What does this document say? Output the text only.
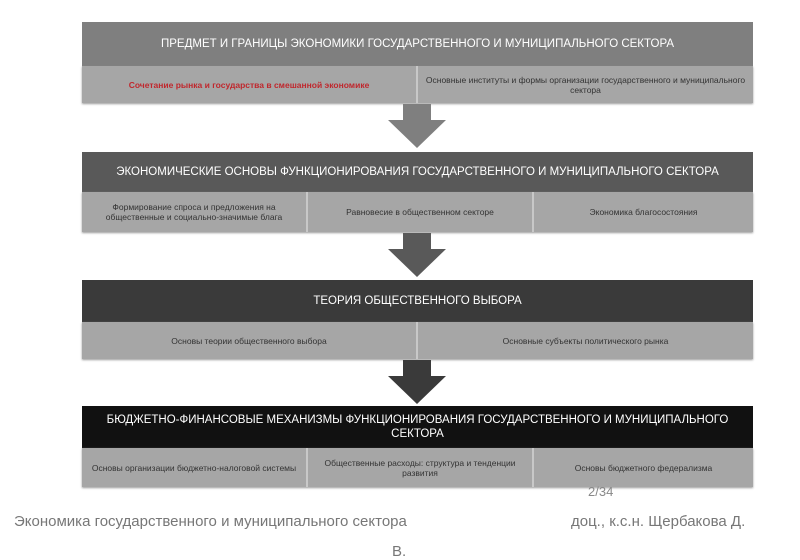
ПРЕДМЕТ И ГРАНИЦЫ ЭКОНОМИКИ ГОСУДАРСТВЕННОГО И МУНИЦИПАЛЬНОГО СЕКТОРА
Сочетание рынка и государства в смешанной экономике	Основные институты и формы организации государственного и муниципального сектора
ЭКОНОМИЧЕСКИЕ ОСНОВЫ ФУНКЦИОНИРОВАНИЯ ГОСУДАРСТВЕННОГО И МУНИЦИПАЛЬНОГО СЕКТОРА
Формирование спроса и предложения на общественные и социально-значимые блага	Равновесие в общественном секторе	Экономика благосостояния
ТЕОРИЯ ОБЩЕСТВЕННОГО ВЫБОРА
Основы теории общественного выбора	Основные субъекты политического рынка
БЮДЖЕТНО-ФИНАНСОВЫЕ МЕХАНИЗМЫ ФУНКЦИОНИРОВАНИЯ ГОСУДАРСТВЕННОГО И МУНИЦИПАЛЬНОГО СЕКТОРА
Основы организации бюджетно-налоговой системы	Общественные расходы: структура и тенденции развития	Основы бюджетного федерализма
2/34
Экономика государственного и муниципального сектора	доц., к.с.н. Щербакова Д.
В.
